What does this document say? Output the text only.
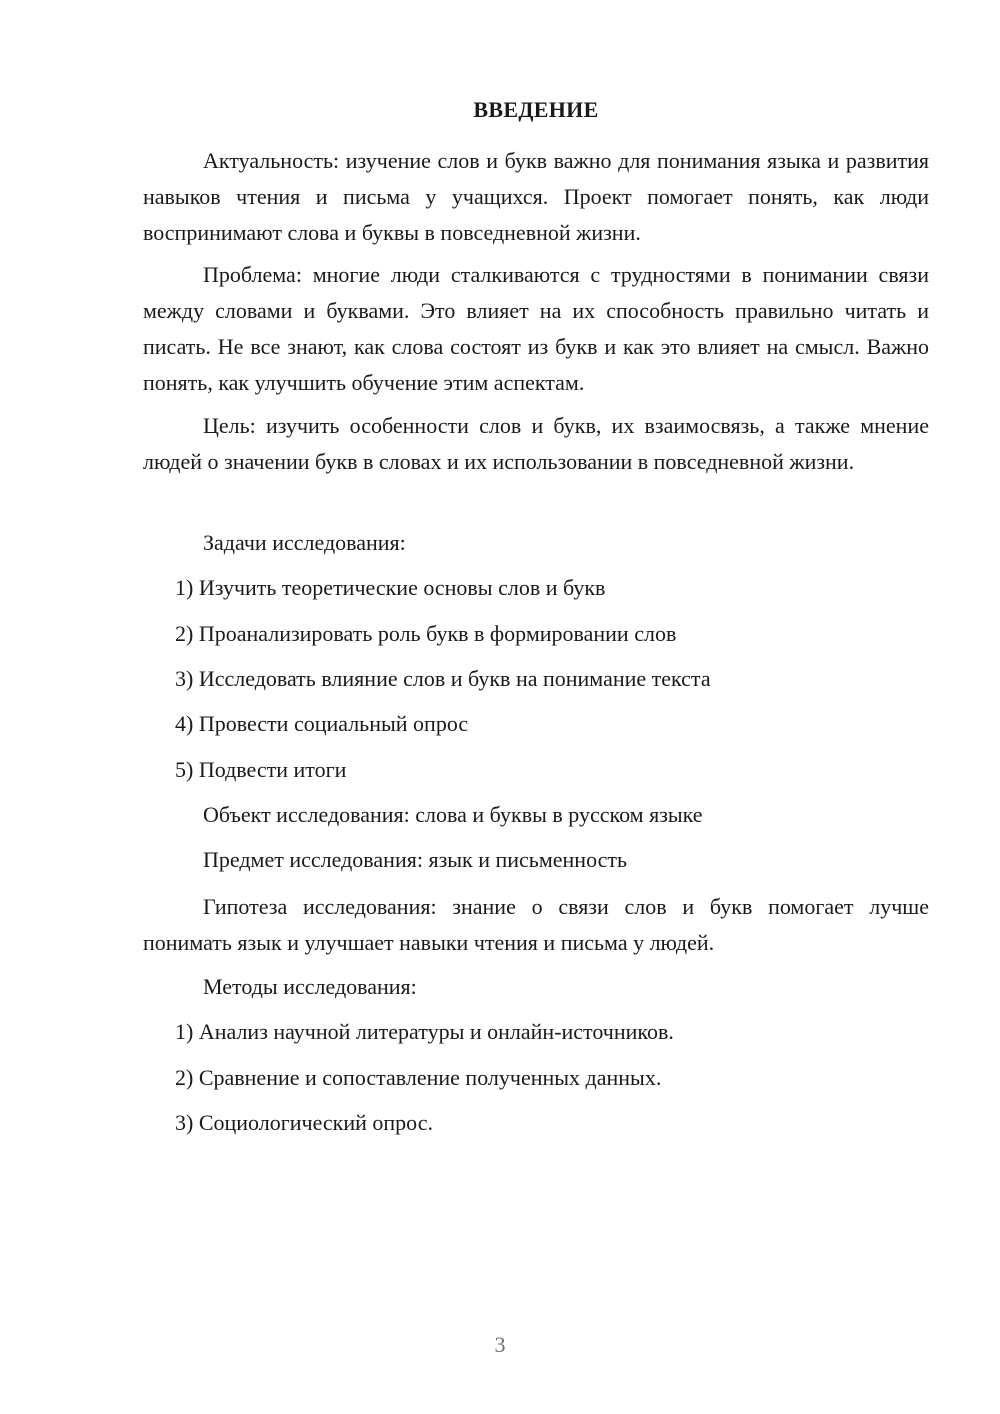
ВВЕДЕНИЕ

Актуальность: изучение слов и букв важно для понимания языка и развития навыков чтения и письма у учащихся. Проект помогает понять, как люди воспринимают слова и буквы в повседневной жизни.

Проблема: многие люди сталкиваются с трудностями в понимании связи между словами и буквами. Это влияет на их способность правильно читать и писать. Не все знают, как слова состоят из букв и как это влияет на смысл. Важно понять, как улучшить обучение этим аспектам.

Цель: изучить особенности слов и букв, их взаимосвязь, а также мнение людей о значении букв в словах и их использовании в повседневной жизни.

Задачи исследования:

1) Изучить теоретические основы слов и букв

2) Проанализировать роль букв в формировании слов

3) Исследовать влияние слов и букв на понимание текста

4) Провести социальный опрос

5) Подвести итоги

Объект исследования: слова и буквы в русском языке

Предмет исследования: язык и письменность

Гипотеза исследования: знание о связи слов и букв помогает лучше понимать язык и улучшает навыки чтения и письма у людей.

Методы исследования:

1) Анализ научной литературы и онлайн-источников.

2) Сравнение и сопоставление полученных данных.

3) Социологический опрос.

3
